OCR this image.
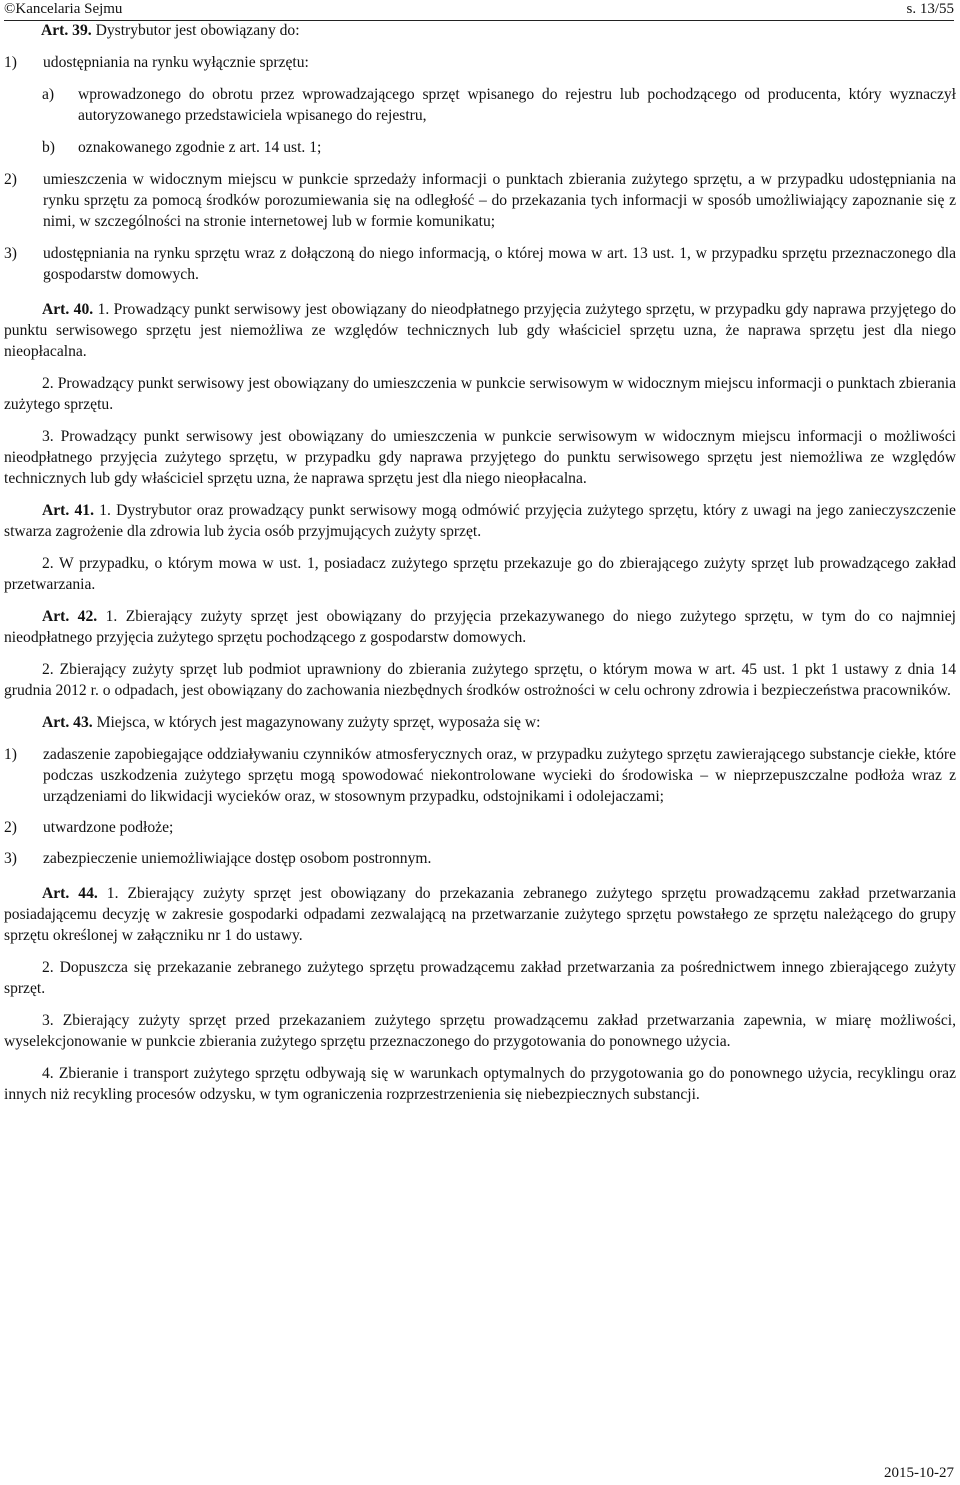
©Kancelaria Sejmu	s. 13/55

Art. 39. Dystrybutor jest obowiązany do:

1) udostępniania na rynku wyłącznie sprzętu:

a) wprowadzonego do obrotu przez wprowadzającego sprzęt wpisanego do rejestru lub pochodzącego od producenta, który wyznaczył autoryzowanego przedstawiciela wpisanego do rejestru,

b) oznakowanego zgodnie z art. 14 ust. 1;

2) umieszczenia w widocznym miejscu w punkcie sprzedaży informacji o punktach zbierania zużytego sprzętu, a w przypadku udostępniania na rynku sprzętu za pomocą środków porozumiewania się na odległość – do przekazania tych informacji w sposób umożliwiający zapoznanie się z nimi, w szczególności na stronie internetowej lub w formie komunikatu;

3) udostępniania na rynku sprzętu wraz z dołączoną do niego informacją, o której mowa w art. 13 ust. 1, w przypadku sprzętu przeznaczonego dla gospodarstw domowych.

Art. 40. 1. Prowadzący punkt serwisowy jest obowiązany do nieodpłatnego przyjęcia zużytego sprzętu, w przypadku gdy naprawa przyjętego do punktu serwisowego sprzętu jest niemożliwa ze względów technicznych lub gdy właściciel sprzętu uzna, że naprawa sprzętu jest dla niego nieopłacalna.

2. Prowadzący punkt serwisowy jest obowiązany do umieszczenia w punkcie serwisowym w widocznym miejscu informacji o punktach zbierania zużytego sprzętu.

3. Prowadzący punkt serwisowy jest obowiązany do umieszczenia w punkcie serwisowym w widocznym miejscu informacji o możliwości nieodpłatnego przyjęcia zużytego sprzętu, w przypadku gdy naprawa przyjętego do punktu serwisowego sprzętu jest niemożliwa ze względów technicznych lub gdy właściciel sprzętu uzna, że naprawa sprzętu jest dla niego nieopłacalna.

Art. 41. 1. Dystrybutor oraz prowadzący punkt serwisowy mogą odmówić przyjęcia zużytego sprzętu, który z uwagi na jego zanieczyszczenie stwarza zagrożenie dla zdrowia lub życia osób przyjmujących zużyty sprzęt.

2. W przypadku, o którym mowa w ust. 1, posiadacz zużytego sprzętu przekazuje go do zbierającego zużyty sprzęt lub prowadzącego zakład przetwarzania.

Art. 42. 1. Zbierający zużyty sprzęt jest obowiązany do przyjęcia przekazywanego do niego zużytego sprzętu, w tym do co najmniej nieodpłatnego przyjęcia zużytego sprzętu pochodzącego z gospodarstw domowych.

2. Zbierający zużyty sprzęt lub podmiot uprawniony do zbierania zużytego sprzętu, o którym mowa w art. 45 ust. 1 pkt 1 ustawy z dnia 14 grudnia 2012 r. o odpadach, jest obowiązany do zachowania niezbędnych środków ostrożności w celu ochrony zdrowia i bezpieczeństwa pracowników.

Art. 43. Miejsca, w których jest magazynowany zużyty sprzęt, wyposaża się w:

1) zadaszenie zapobiegające oddziaływaniu czynników atmosferycznych oraz, w przypadku zużytego sprzętu zawierającego substancje ciekłe, które podczas uszkodzenia zużytego sprzętu mogą spowodować niekontrolowane wycieki do środowiska – w nieprzepuszczalne podłoża wraz z urządzeniami do likwidacji wycieków oraz, w stosownym przypadku, odstojnikami i odolejaczami;

2) utwardzone podłoże;

3) zabezpieczenie uniemożliwiające dostęp osobom postronnym.

Art. 44. 1. Zbierający zużyty sprzęt jest obowiązany do przekazania zebranego zużytego sprzętu prowadzącemu zakład przetwarzania posiadającemu decyzję w zakresie gospodarki odpadami zezwalającą na przetwarzanie zużytego sprzętu powstałego ze sprzętu należącego do grupy sprzętu określonej w załączniku nr 1 do ustawy.

2. Dopuszcza się przekazanie zebranego zużytego sprzętu prowadzącemu zakład przetwarzania za pośrednictwem innego zbierającego zużyty sprzęt.

3. Zbierający zużyty sprzęt przed przekazaniem zużytego sprzętu prowadzącemu zakład przetwarzania zapewnia, w miarę możliwości, wyselekcjonowanie w punkcie zbierania zużytego sprzętu przeznaczonego do przygotowania do ponownego użycia.

4. Zbieranie i transport zużytego sprzętu odbywają się w warunkach optymalnych do przygotowania go do ponownego użycia, recyklingu oraz innych niż recykling procesów odzysku, w tym ograniczenia rozprzestrzenienia się niebezpiecznych substancji.

2015-10-27
